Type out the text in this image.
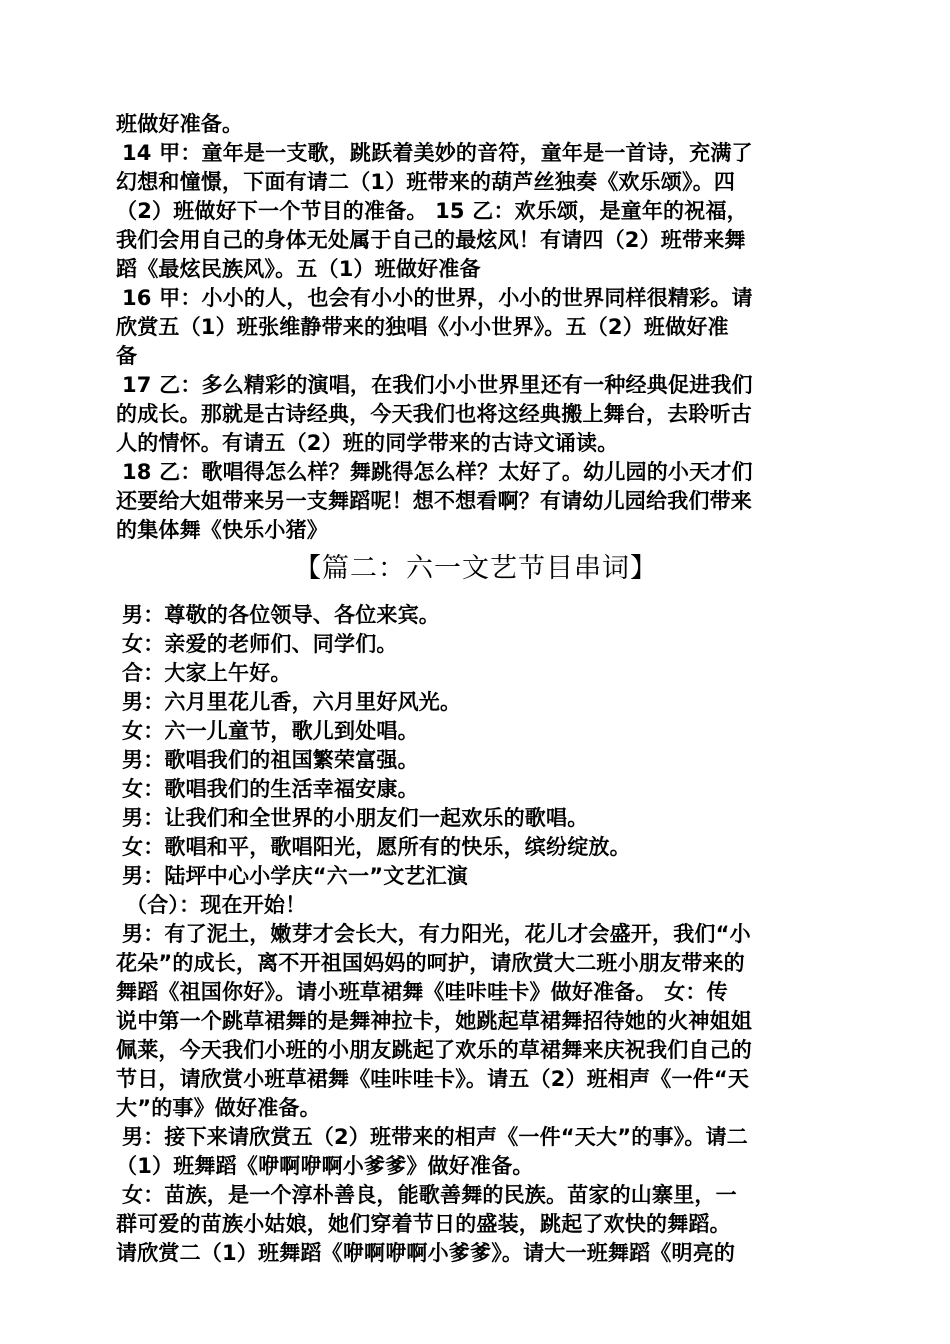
班做好准备。
14 甲：童年是一支歌，跳跃着美妙的音符，童年是一首诗，充满了
幻想和憧憬，下面有请二（1）班带来的葫芦丝独奏《欢乐颂》。四
（2）班做好下一个节目的准备。 15 乙：欢乐颂，是童年的祝福，
我们会用自己的身体无处属于自己的最炫风！有请四（2）班带来舞
蹈《最炫民族风》。五（1）班做好准备
16 甲：小小的人，也会有小小的世界，小小的世界同样很精彩。请
欣赏五（1）班张维静带来的独唱《小小世界》。五（2）班做好准
备
17 乙：多么精彩的演唱，在我们小小世界里还有一种经典促进我们
的成长。那就是古诗经典，今天我们也将这经典搬上舞台，去聆听古
人的情怀。有请五（2）班的同学带来的古诗文诵读。
18 乙：歌唱得怎么样？舞跳得怎么样？太好了。幼儿园的小天才们
还要给大姐带来另一支舞蹈呢！想不想看啊？有请幼儿园给我们带来
的集体舞《快乐小猪》
【篇二：六一文艺节目串词】
男：尊敬的各位领导、各位来宾。
女：亲爱的老师们、同学们。
合：大家上午好。
男：六月里花儿香，六月里好风光。
女：六一儿童节，歌儿到处唱。
男：歌唱我们的祖国繁荣富强。
女：歌唱我们的生活幸福安康。
男：让我们和全世界的小朋友们一起欢乐的歌唱。
女：歌唱和平，歌唱阳光，愿所有的快乐，缤纷绽放。
男：陆坪中心小学庆“六一”文艺汇演
（合）：现在开始！
男：有了泥土，嫩芽才会长大，有力阳光，花儿才会盛开，我们“小
花朵”的成长，离不开祖国妈妈的呵护，请欣赏大二班小朋友带来的
舞蹈《祖国你好》。请小班草裙舞《哇咔哇卡》做好准备。 女：传
说中第一个跳草裙舞的是舞神拉卡，她跳起草裙舞招待她的火神姐姐
佩莱，今天我们小班的小朋友跳起了欢乐的草裙舞来庆祝我们自己的
节日，请欣赏小班草裙舞《哇咔哇卡》。请五（2）班相声《一件“天
大”的事》做好准备。
男：接下来请欣赏五（2）班带来的相声《一件“天大”的事》。请二
（1）班舞蹈《咿啊咿啊小爹爹》做好准备。
女：苗族，是一个淳朴善良，能歌善舞的民族。苗家的山寨里，一
群可爱的苗族小姑娘，她们穿着节日的盛装，跳起了欢快的舞蹈。
请欣赏二（1）班舞蹈《咿啊咿啊小爹爹》。请大一班舞蹈《明亮的
